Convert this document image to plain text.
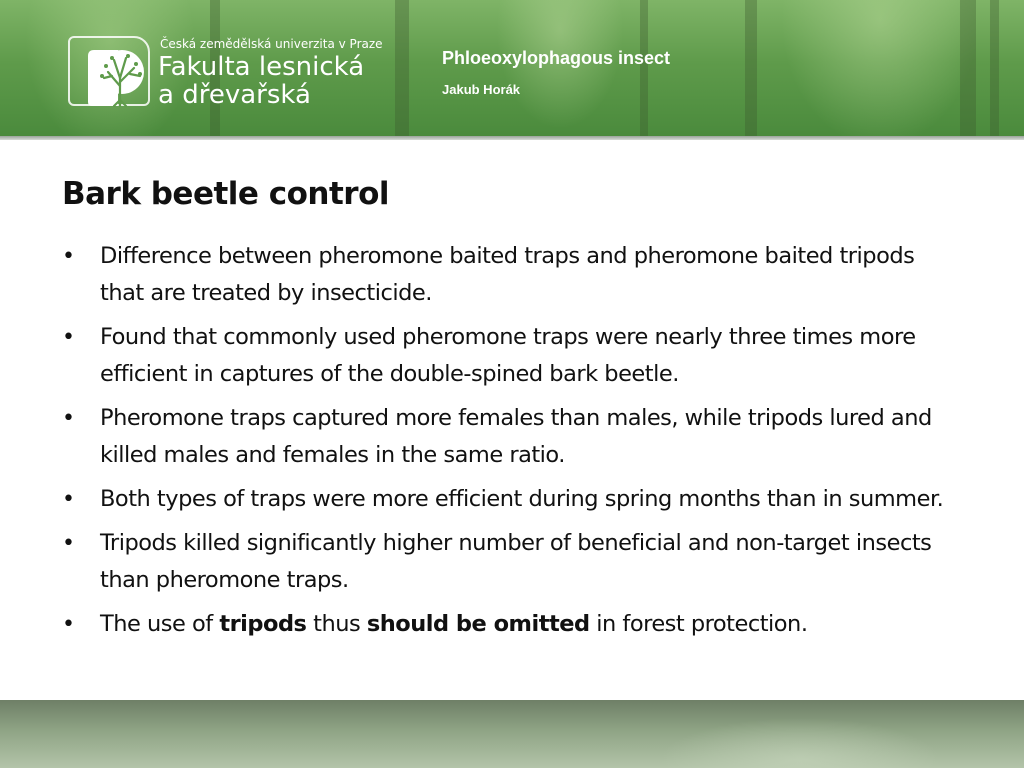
Česká zemědělská univerzita v Praze
Fakulta lesnická
a dřevařská
Phloeoxylophagous insect
Jakub Horák
Bark beetle control
• Difference between pheromone baited traps and pheromone baited tripods that are treated by insecticide.
• Found that commonly used pheromone traps were nearly three times more efficient in captures of the double-spined bark beetle.
• Pheromone traps captured more females than males, while tripods lured and killed males and females in the same ratio.
• Both types of traps were more efficient during spring months than in summer.
• Tripods killed significantly higher number of beneficial and non-target insects than pheromone traps.
• The use of tripods thus should be omitted in forest protection.
